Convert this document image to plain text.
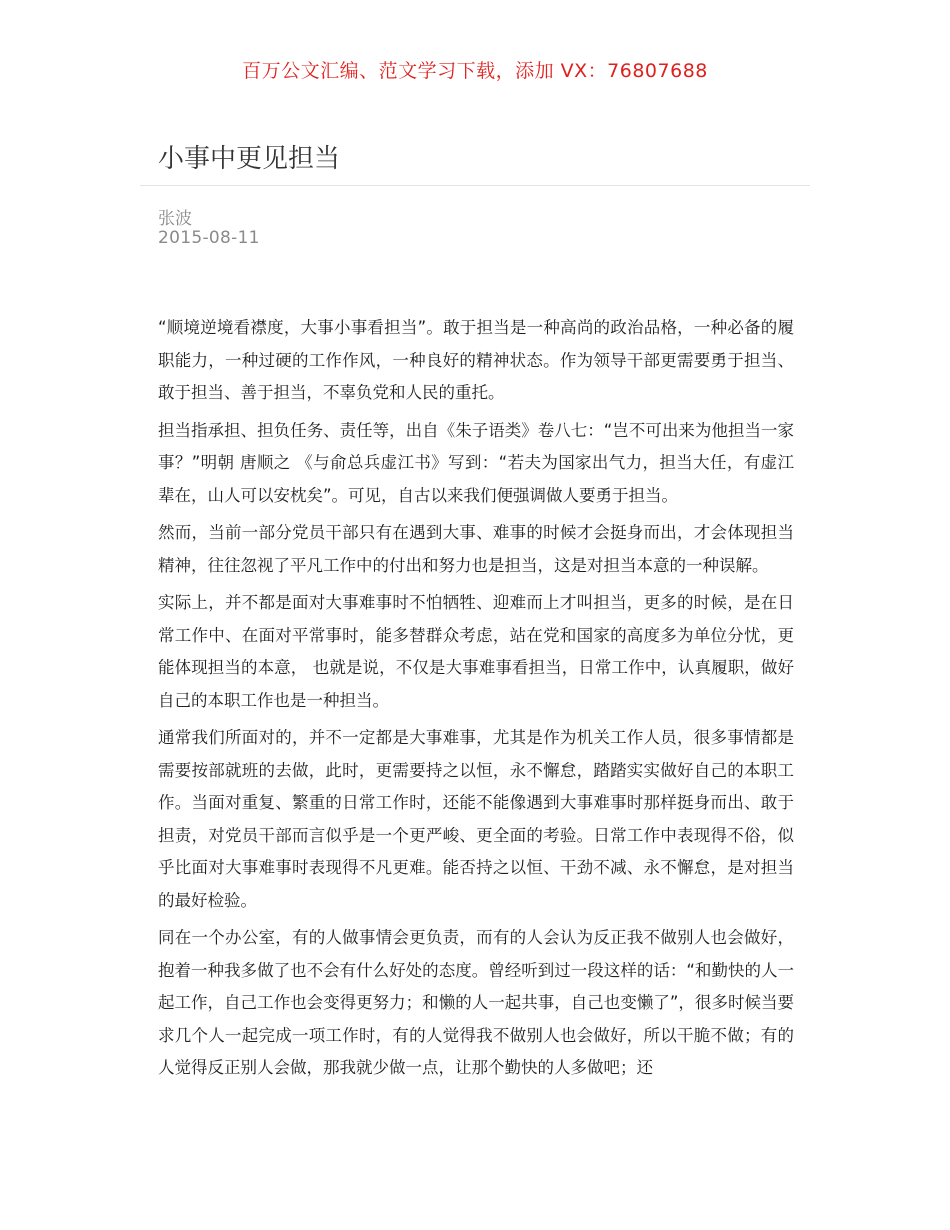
百万公文汇编、范文学习下载，添加 VX：76807688
小事中更见担当
张波
2015-08-11

“顺境逆境看襟度，大事小事看担当”。敢于担当是一种高尚的政治品格，一种必备的履职能力，一种过硬的工作作风，一种良好的精神状态。作为领导干部更需要勇于担当、敢于担当、善于担当，不辜负党和人民的重托。

担当指承担、担负任务、责任等，出自《朱子语类》卷八七：“岂不可出来为他担当一家事？”明朝 唐顺之 《与俞总兵虚江书》写到：“若夫为国家出气力，担当大任，有虚江辈在，山人可以安枕矣”。可见，自古以来我们便强调做人要勇于担当。

然而，当前一部分党员干部只有在遇到大事、难事的时候才会挺身而出，才会体现担当精神，往往忽视了平凡工作中的付出和努力也是担当，这是对担当本意的一种误解。

实际上，并不都是面对大事难事时不怕牺牲、迎难而上才叫担当，更多的时候，是在日常工作中、在面对平常事时，能多替群众考虑，站在党和国家的高度多为单位分忧，更能体现担当的本意， 也就是说，不仅是大事难事看担当，日常工作中，认真履职，做好自己的本职工作也是一种担当。

通常我们所面对的，并不一定都是大事难事，尤其是作为机关工作人员，很多事情都是需要按部就班的去做，此时，更需要持之以恒，永不懈怠，踏踏实实做好自己的本职工作。当面对重复、繁重的日常工作时，还能不能像遇到大事难事时那样挺身而出、敢于担责，对党员干部而言似乎是一个更严峻、更全面的考验。日常工作中表现得不俗，似乎比面对大事难事时表现得不凡更难。能否持之以恒、干劲不减、永不懈怠，是对担当的最好检验。

同在一个办公室，有的人做事情会更负责，而有的人会认为反正我不做别人也会做好，抱着一种我多做了也不会有什么好处的态度。曾经听到过一段这样的话：“和勤快的人一起工作，自己工作也会变得更努力；和懒的人一起共事，自己也变懒了”，很多时候当要求几个人一起完成一项工作时，有的人觉得我不做别人也会做好，所以干脆不做；有的人觉得反正别人会做，那我就少做一点，让那个勤快的人多做吧；还
